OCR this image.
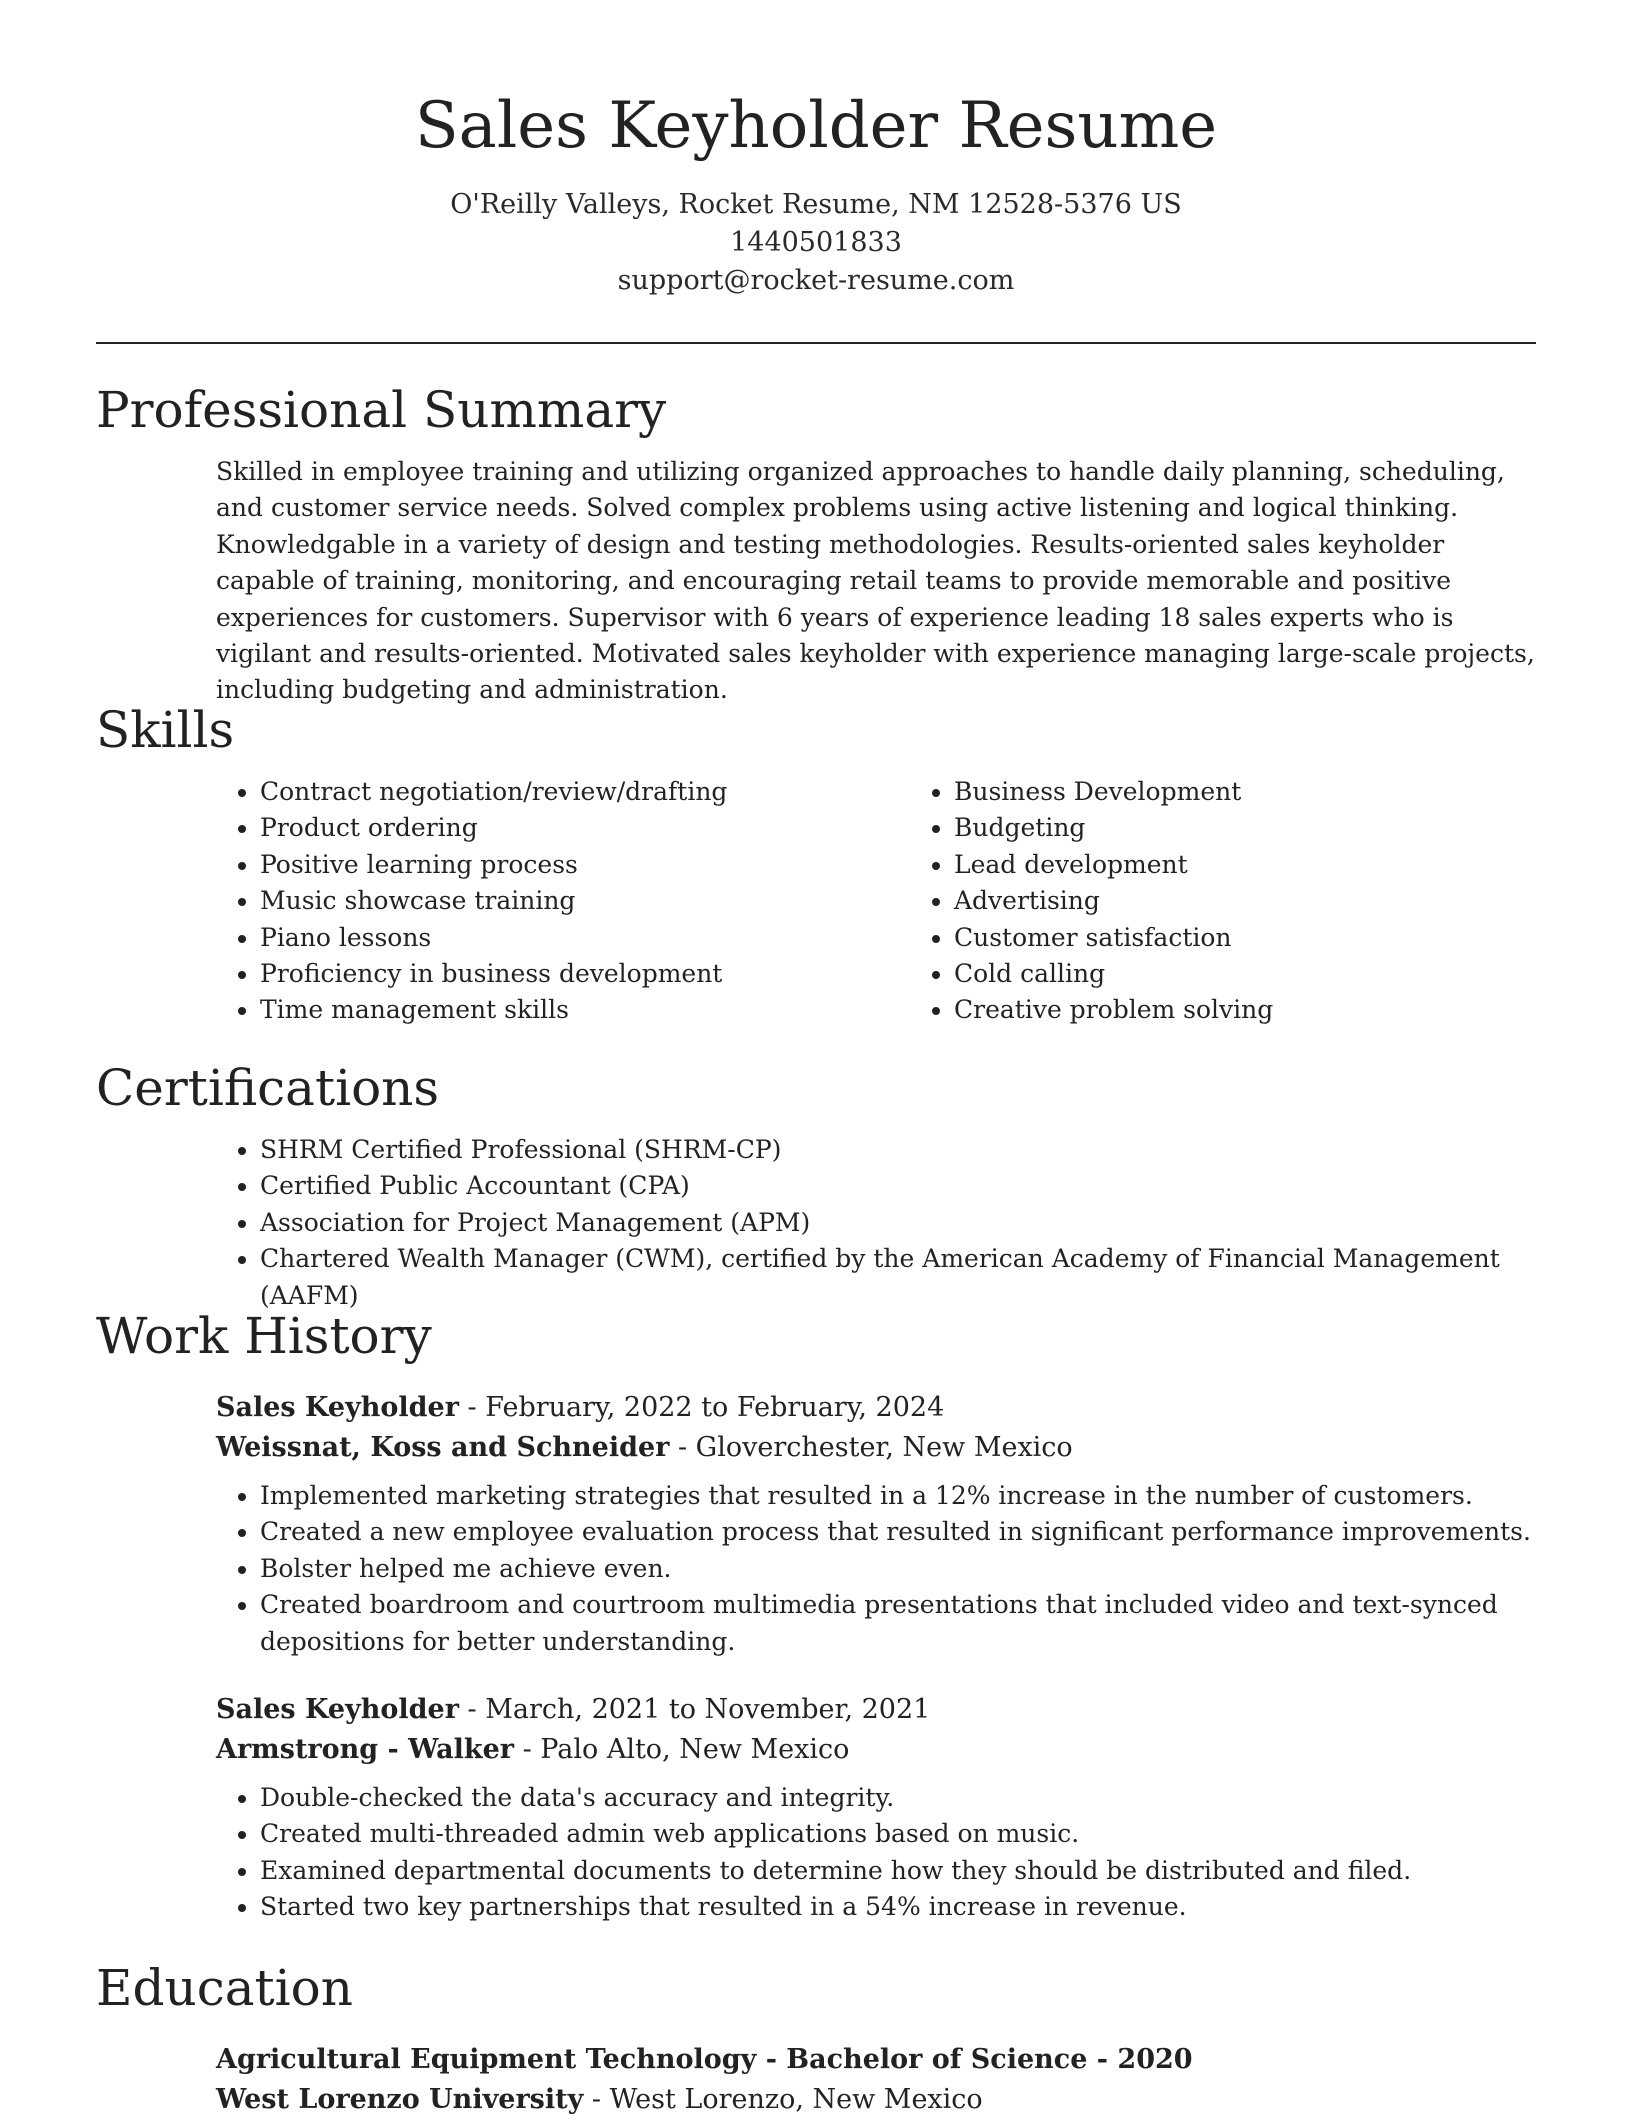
Sales Keyholder Resume
O'Reilly Valleys, Rocket Resume, NM 12528-5376 US
1440501833
support@rocket-resume.com
Professional Summary

Skilled in employee training and utilizing organized approaches to handle daily planning, scheduling, and customer service needs. Solved complex problems using active listening and logical thinking. Knowledgable in a variety of design and testing methodologies. Results-oriented sales keyholder capable of training, monitoring, and encouraging retail teams to provide memorable and positive experiences for customers. Supervisor with 6 years of experience leading 18 sales experts who is vigilant and results-oriented. Motivated sales keyholder with experience managing large-scale projects, including budgeting and administration.

Skills
• Contract negotiation/review/drafting
• Product ordering
• Positive learning process
• Music showcase training
• Piano lessons
• Proficiency in business development
• Time management skills
• Business Development
• Budgeting
• Lead development
• Advertising
• Customer satisfaction
• Cold calling
• Creative problem solving
Certifications
• SHRM Certified Professional (SHRM-CP)
• Certified Public Accountant (CPA)
• Association for Project Management (APM)
• Chartered Wealth Manager (CWM), certified by the American Academy of Financial Management (AAFM)
Work History
Sales Keyholder - February, 2022 to February, 2024
Weissnat, Koss and Schneider - Gloverchester, New Mexico
• Implemented marketing strategies that resulted in a 12% increase in the number of customers.
• Created a new employee evaluation process that resulted in significant performance improvements.
• Bolster helped me achieve even.
• Created boardroom and courtroom multimedia presentations that included video and text-synced depositions for better understanding.
Sales Keyholder - March, 2021 to November, 2021
Armstrong - Walker - Palo Alto, New Mexico
• Double-checked the data's accuracy and integrity.
• Created multi-threaded admin web applications based on music.
• Examined departmental documents to determine how they should be distributed and filed.
• Started two key partnerships that resulted in a 54% increase in revenue.
Education
Agricultural Equipment Technology - Bachelor of Science - 2020
West Lorenzo University - West Lorenzo, New Mexico
